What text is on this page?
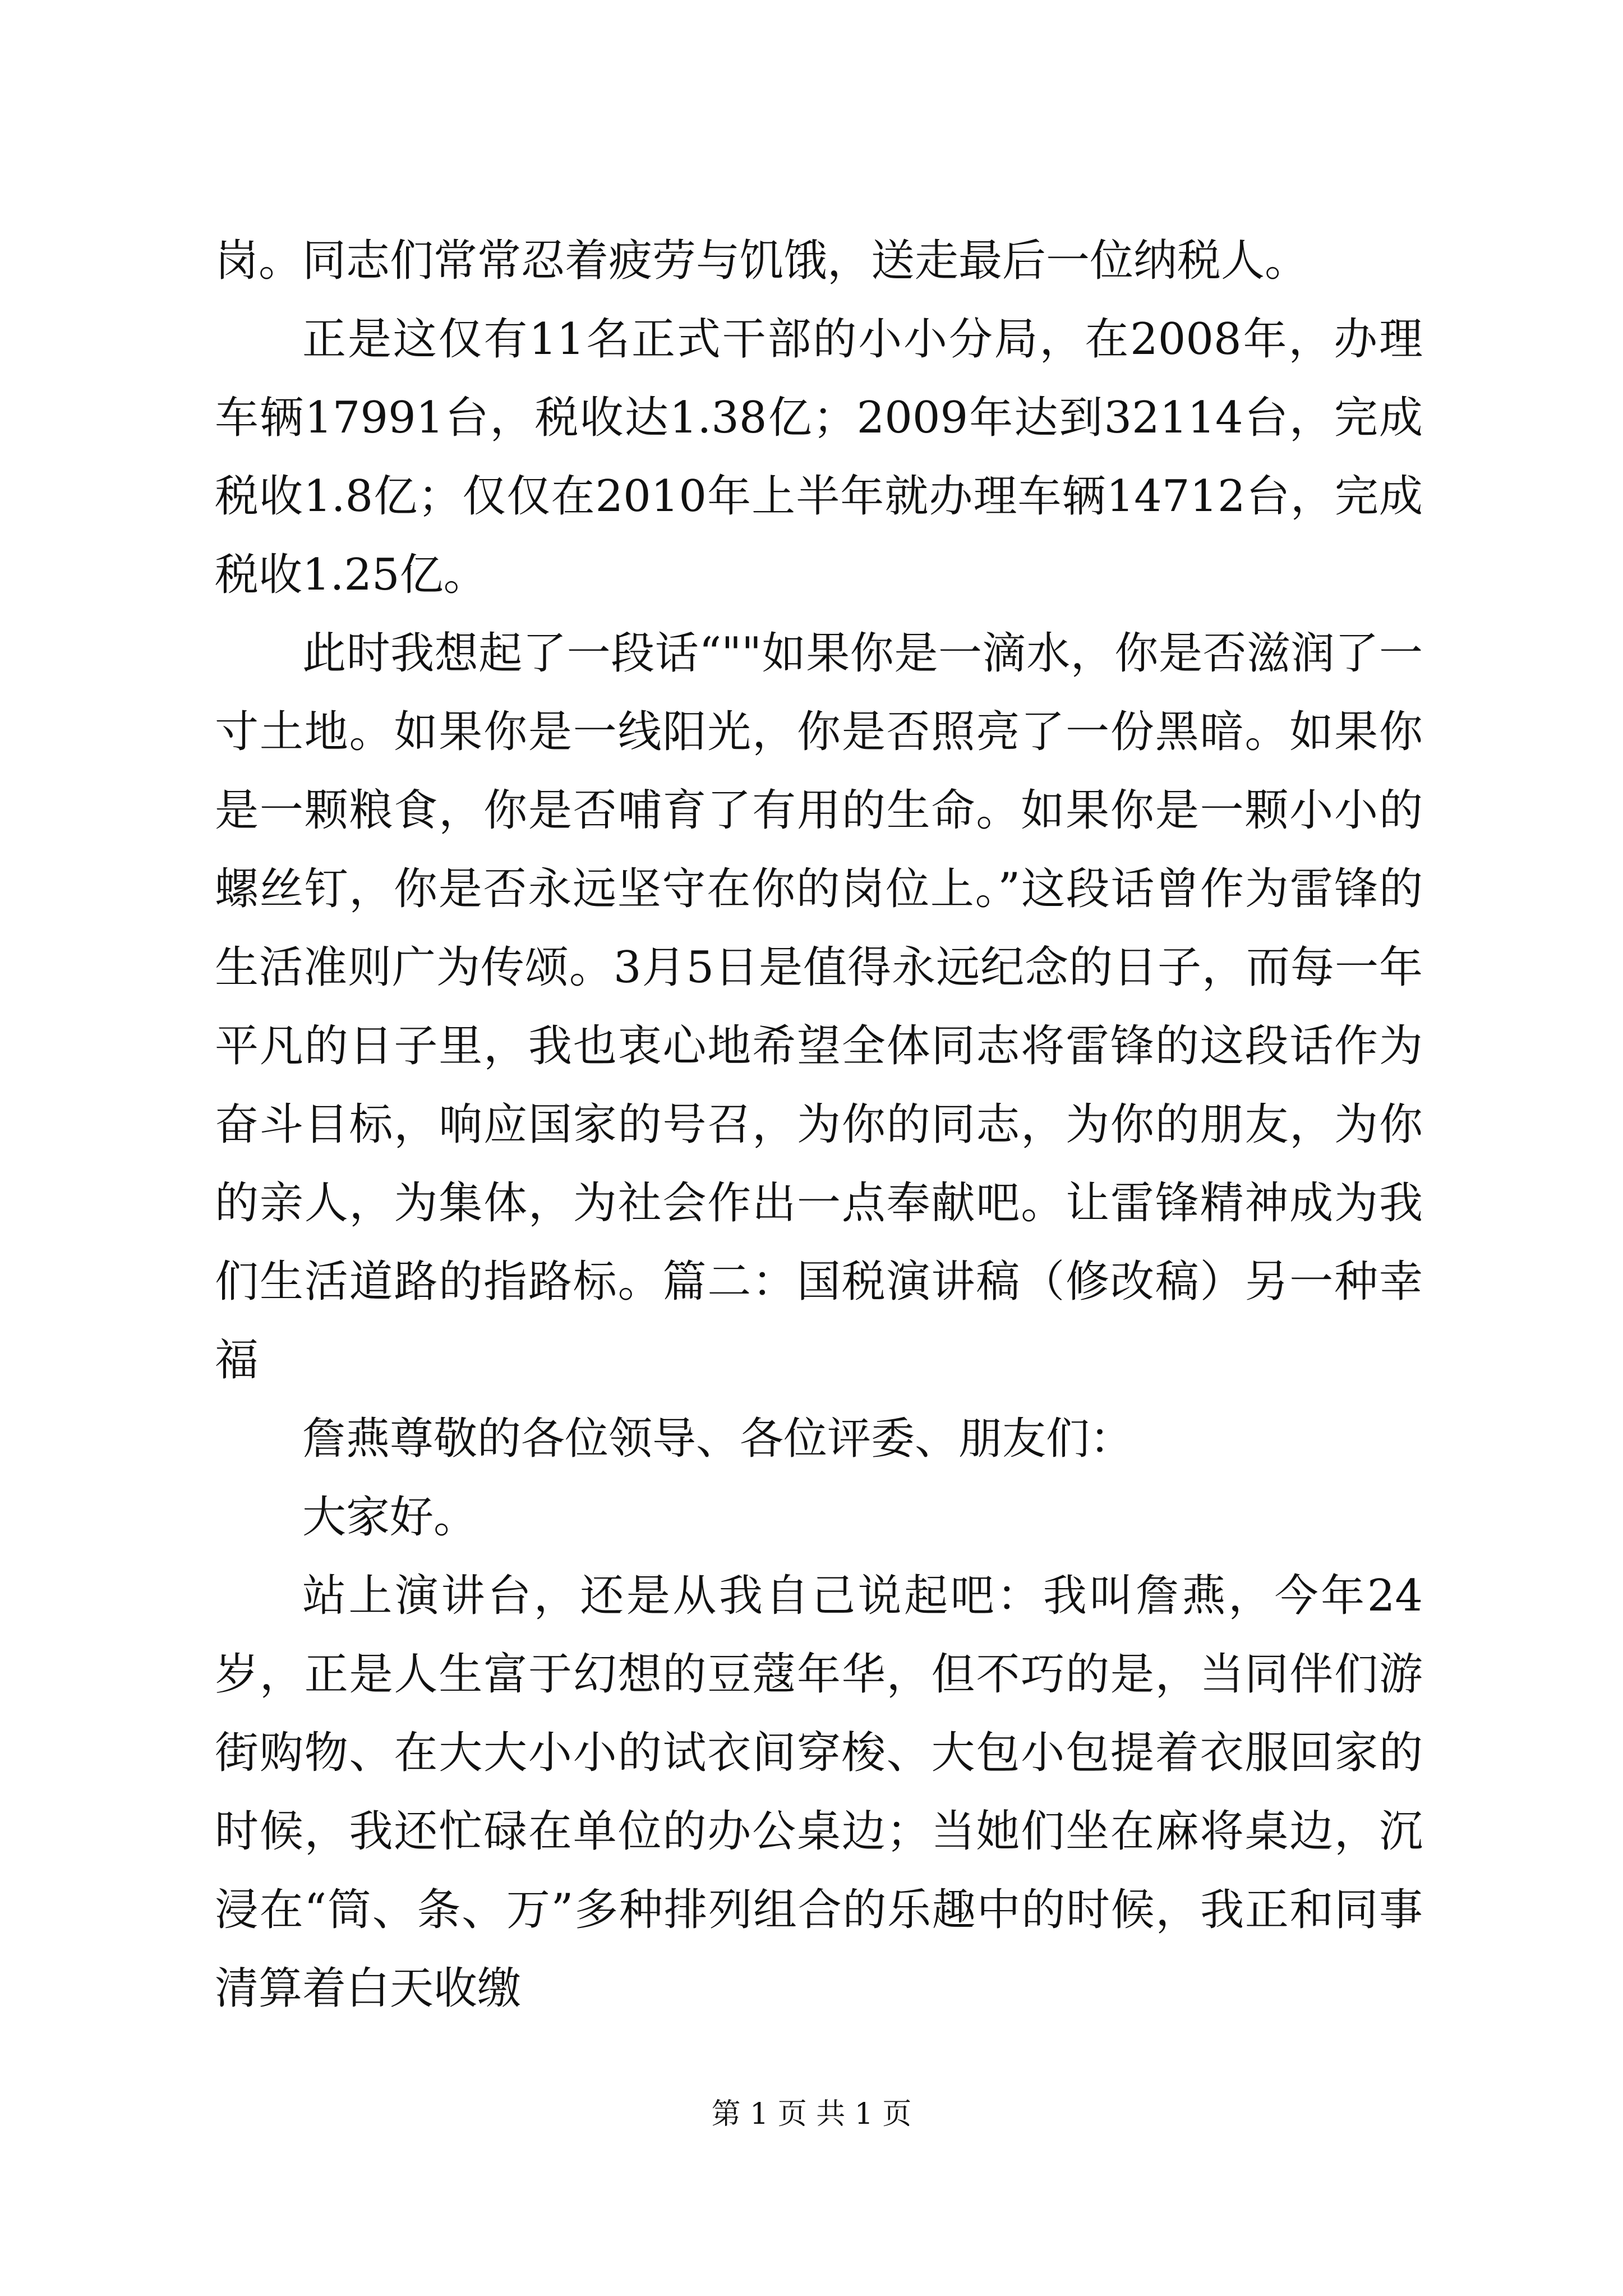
岗。同志们常常忍着疲劳与饥饿，送走最后一位纳税人。

正是这仅有11名正式干部的小小分局，在2008年，办理车辆17991台，税收达1.38亿；2009年达到32114台，完成税收1.8亿；仅仅在2010年上半年就办理车辆14712台，完成税收1.25亿。

此时我想起了一段话“""如果你是一滴水，你是否滋润了一寸土地。如果你是一线阳光，你是否照亮了一份黑暗。如果你是一颗粮食，你是否哺育了有用的生命。如果你是一颗小小的螺丝钉，你是否永远坚守在你的岗位上。”这段话曾作为雷锋的生活准则广为传颂。3月5日是值得永远纪念的日子，而每一年平凡的日子里，我也衷心地希望全体同志将雷锋的这段话作为奋斗目标，响应国家的号召，为你的同志，为你的朋友，为你的亲人，为集体，为社会作出一点奉献吧。让雷锋精神成为我们生活道路的指路标。篇二：国税演讲稿（修改稿）另一种幸福

詹燕尊敬的各位领导、各位评委、朋友们：

大家好。

站上演讲台，还是从我自己说起吧：我叫詹燕，今年24岁，正是人生富于幻想的豆蔻年华，但不巧的是，当同伴们游街购物、在大大小小的试衣间穿梭、大包小包提着衣服回家的时候，我还忙碌在单位的办公桌边；当她们坐在麻将桌边，沉浸在“筒、条、万”多种排列组合的乐趣中的时候，我正和同事清算着白天收缴

第 1 页 共 1 页
